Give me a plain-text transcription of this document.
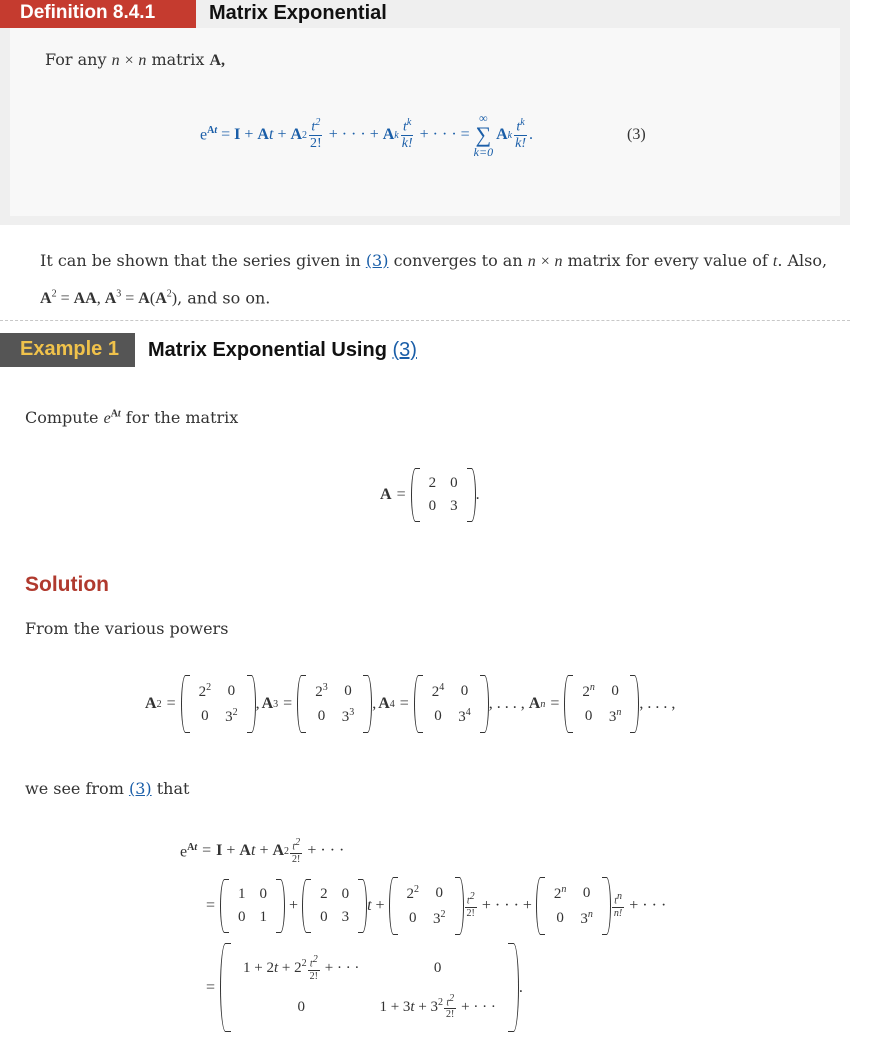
Definition 8.4.1	Matrix Exponential
For any n × n matrix A,
$e^{At} = I + A$ t + A $2 \frac{t^2}{2!}$ + · · · + A k $\frac{t^k}{k!}$ + · · · =
∞
∑
k=0
A k $\frac{t^k}{k!}$ .	(3)
It can be shown that the series given in (3) converges to an n × n matrix for every value of t. Also,
$A^2$ = AA, $A^3 = A(A^2)$, and so on.
Example 1	Matrix Exponential Using (3)
Compute $e^{At}$ for the matrix
A =
2	0
0	3
.
Solution
From the various powers
A 2 =
$2^2$	0
0	$3^2$
, A 3 =
$2^3$	0
0	$3^3$
, A 4 =
$2^4$	0
0	$3^4$
, . . . , A n =
$2^n$	0
0	3$^n$
, . . . ,
we see from (3) that
$e^{At} = I + A$ t + A $2 \frac{t^2}{2!}$ + · · ·
=
1	0
0	1
+
2	0
0	3
t +
$2^2$	0
0	$3^2 \frac{t^2}{2!}$ + · · · +
$2^n$	0
0	$3^n \frac{t^n}{n!}$ + · · ·
=
$1 + 2t + 2^2 \frac{t^2}{2!}$ + · · ·	0
0	$1 + 3t + 3^2 \frac{t^2}{2!}$ + · · ·
.
